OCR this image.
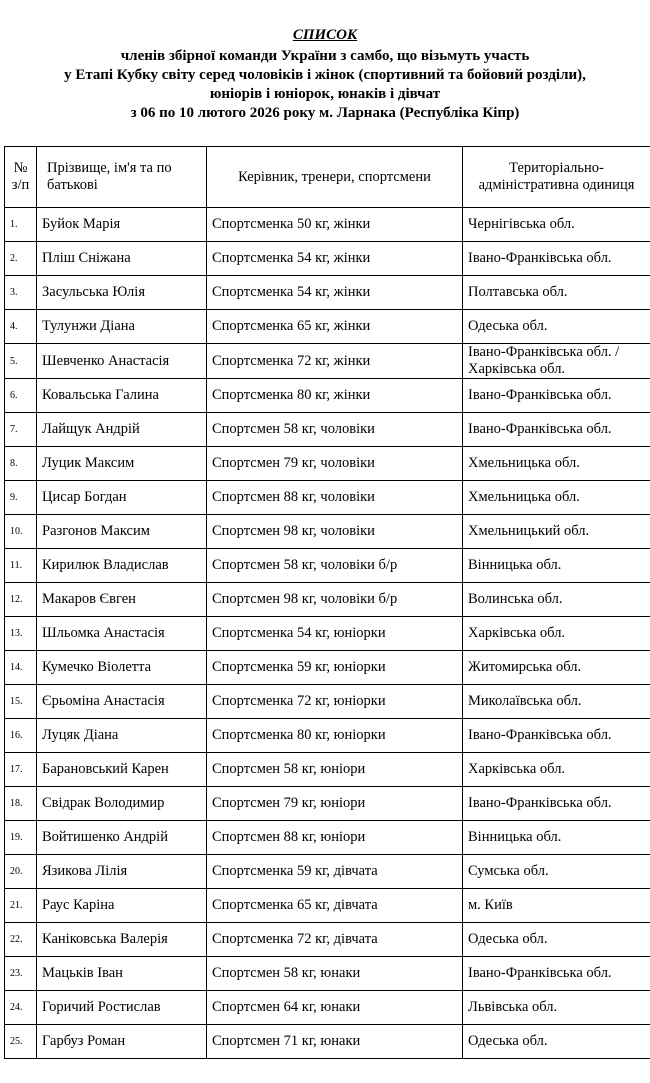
СПИСОК
членів збірної команди України з самбо, що візьмуть участь
у Етапі Кубку світу серед чоловіків і жінок (спортивний та бойовий розділи),
юніорів і юніорок, юнаків і дівчат
з 06 по 10 лютого 2026 року м. Ларнака (Республіка Кіпр)
№ з/п	Прізвище, ім'я та по батькові	Керівник, тренери, спортсмени	Територіально-адміністративна одиниця
1.	Буйок Марія	Спортсменка 50 кг, жінки	Чернігівська обл.
2.	Пліш Сніжана	Спортсменка 54 кг, жінки	Івано-Франківська обл.
3.	Засульська Юлія	Спортсменка 54 кг, жінки	Полтавська обл.
4.	Тулунжи Діана	Спортсменка 65 кг, жінки	Одеська обл.
5.	Шевченко Анастасія	Спортсменка 72 кг, жінки	Івано-Франківська обл. /Харківська обл.
6.	Ковальська Галина	Спортсменка 80 кг, жінки	Івано-Франківська обл.
7.	Лайщук Андрій	Спортсмен 58 кг, чоловіки	Івано-Франківська обл.
8.	Луцик Максим	Спортсмен 79 кг, чоловіки	Хмельницька обл.
9.	Цисар Богдан	Спортсмен 88 кг, чоловіки	Хмельницька обл.
10.	Разгонов Максим	Спортсмен 98 кг, чоловіки	Хмельницький обл.
11.	Кирилюк Владислав	Спортсмен 58 кг, чоловіки б/р	Вінницька обл.
12.	Макаров Євген	Спортсмен 98 кг, чоловіки б/р	Волинська обл.
13.	Шльомка Анастасія	Спортсменка 54 кг, юніорки	Харківська обл.
14.	Кумечко Віолетта	Спортсменка 59 кг, юніорки	Житомирська обл.
15.	Єрьоміна Анастасія	Спортсменка 72 кг, юніорки	Миколаївська обл.
16.	Луцяк Діана	Спортсменка 80 кг, юніорки	Івано-Франківська обл.
17.	Барановський Карен	Спортсмен 58 кг, юніори	Харківська обл.
18.	Свідрак Володимир	Спортсмен 79 кг, юніори	Івано-Франківська обл.
19.	Войтишенко Андрій	Спортсмен 88 кг, юніори	Вінницька обл.
20.	Язикова Лілія	Спортсменка 59 кг, дівчата	Сумська обл.
21.	Раус Каріна	Спортсменка 65 кг, дівчата	м. Київ
22.	Каніковська Валерія	Спортсменка 72 кг, дівчата	Одеська обл.
23.	Мацьків Іван	Спортсмен 58 кг, юнаки	Івано-Франківська обл.
24.	Горичий Ростислав	Спортсмен 64 кг, юнаки	Львівська обл.
25.	Гарбуз Роман	Спортсмен 71 кг, юнаки	Одеська обл.
